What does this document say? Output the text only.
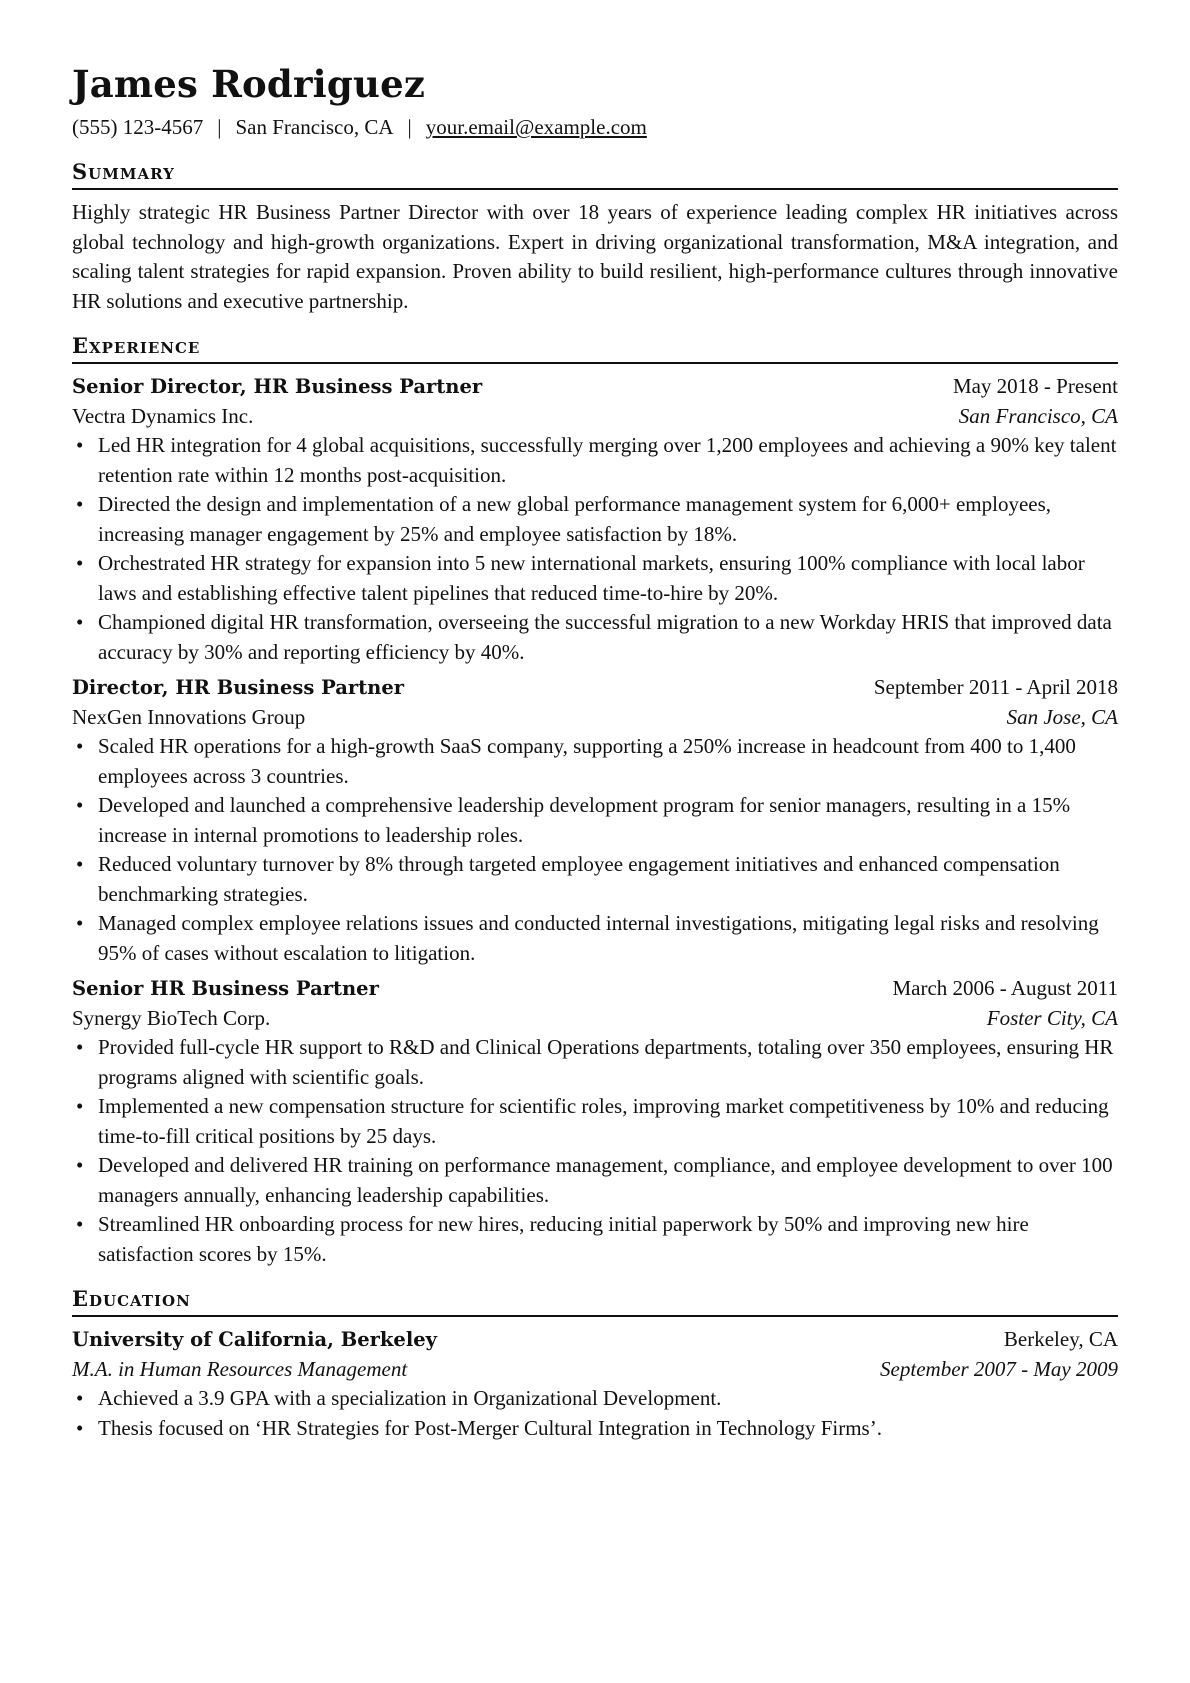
James Rodriguez
(555) 123-4567 | San Francisco, CA | your.email@example.com
Summary
Highly strategic HR Business Partner Director with over 18 years of experience leading complex HR initiatives across global technology and high-growth organizations. Expert in driving organizational transformation, M&A integration, and scaling talent strategies for rapid expansion. Proven ability to build resilient, high-performance cultures through innovative HR solutions and executive partnership.
Experience
Senior Director, HR Business Partner	May 2018 - Present
Vectra Dynamics Inc.	San Francisco, CA
• Led HR integration for 4 global acquisitions, successfully merging over 1,200 employees and achieving a 90% key talent retention rate within 12 months post-acquisition.
• Directed the design and implementation of a new global performance management system for 6,000+ employees, increasing manager engagement by 25% and employee satisfaction by 18%.
• Orchestrated HR strategy for expansion into 5 new international markets, ensuring 100% compliance with local labor laws and establishing effective talent pipelines that reduced time-to-hire by 20%.
• Championed digital HR transformation, overseeing the successful migration to a new Workday HRIS that improved data accuracy by 30% and reporting efficiency by 40%.
Director, HR Business Partner	September 2011 - April 2018
NexGen Innovations Group	San Jose, CA
• Scaled HR operations for a high-growth SaaS company, supporting a 250% increase in headcount from 400 to 1,400 employees across 3 countries.
• Developed and launched a comprehensive leadership development program for senior managers, resulting in a 15% increase in internal promotions to leadership roles.
• Reduced voluntary turnover by 8% through targeted employee engagement initiatives and enhanced compensation benchmarking strategies.
• Managed complex employee relations issues and conducted internal investigations, mitigating legal risks and resolving 95% of cases without escalation to litigation.
Senior HR Business Partner	March 2006 - August 2011
Synergy BioTech Corp.	Foster City, CA
• Provided full-cycle HR support to R&D and Clinical Operations departments, totaling over 350 employees, ensuring HR programs aligned with scientific goals.
• Implemented a new compensation structure for scientific roles, improving market competitiveness by 10% and reducing time-to-fill critical positions by 25 days.
• Developed and delivered HR training on performance management, compliance, and employee development to over 100 managers annually, enhancing leadership capabilities.
• Streamlined HR onboarding process for new hires, reducing initial paperwork by 50% and improving new hire satisfaction scores by 15%.
Education
University of California, Berkeley	Berkeley, CA
M.A. in Human Resources Management	September 2007 - May 2009
• Achieved a 3.9 GPA with a specialization in Organizational Development.
• Thesis focused on ‘HR Strategies for Post-Merger Cultural Integration in Technology Firms’.
